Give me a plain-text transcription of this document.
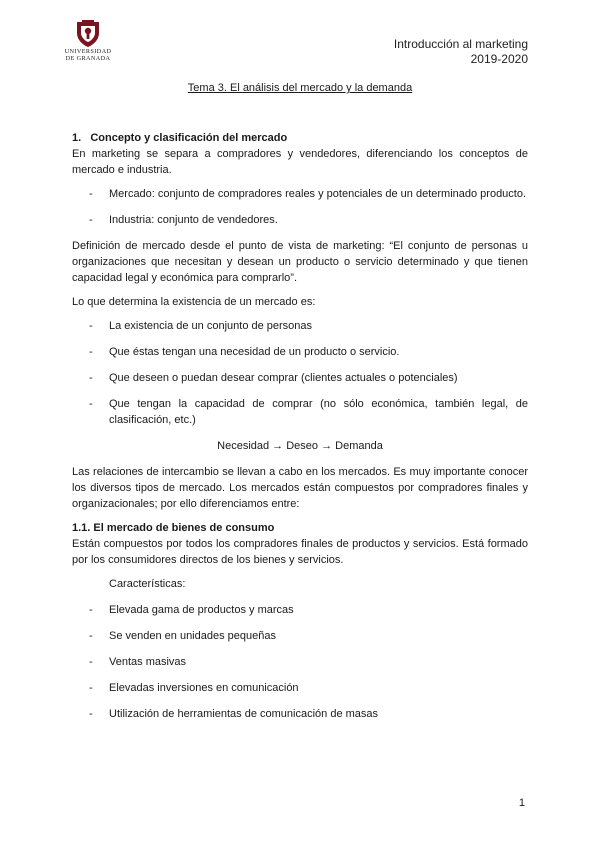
UNIVERSIDAD
DE GRANADA
Introducción al marketing
2019-2020
Tema 3. El análisis del mercado y la demanda

1.   Concepto y clasificación del mercado

En marketing se separa a compradores y vendedores, diferenciando los conceptos de mercado e industria.

- Mercado: conjunto de compradores reales y potenciales de un determinado producto.
- Industria: conjunto de vendedores.

Definición de mercado desde el punto de vista de marketing: “El conjunto de personas u organizaciones que necesitan y desean un producto o servicio determinado y que tienen capacidad legal y económica para comprarlo”.

Lo que determina la existencia de un mercado es:

- La existencia de un conjunto de personas
- Que éstas tengan una necesidad de un producto o servicio.
- Que deseen o puedan desear comprar (clientes actuales o potenciales)
- Que tengan la capacidad de comprar (no sólo económica, también legal, de clasificación, etc.)

Necesidad → Deseo → Demanda

Las relaciones de intercambio se llevan a cabo en los mercados. Es muy importante conocer los diversos tipos de mercado. Los mercados están compuestos por compradores finales y organizacionales; por ello diferenciamos entre:

1.1. El mercado de bienes de consumo

Están compuestos por todos los compradores finales de productos y servicios. Está formado por los consumidores directos de los bienes y servicios.

Características:

- Elevada gama de productos y marcas
- Se venden en unidades pequeñas
- Ventas masivas
- Elevadas inversiones en comunicación
- Utilización de herramientas de comunicación de masas
1
